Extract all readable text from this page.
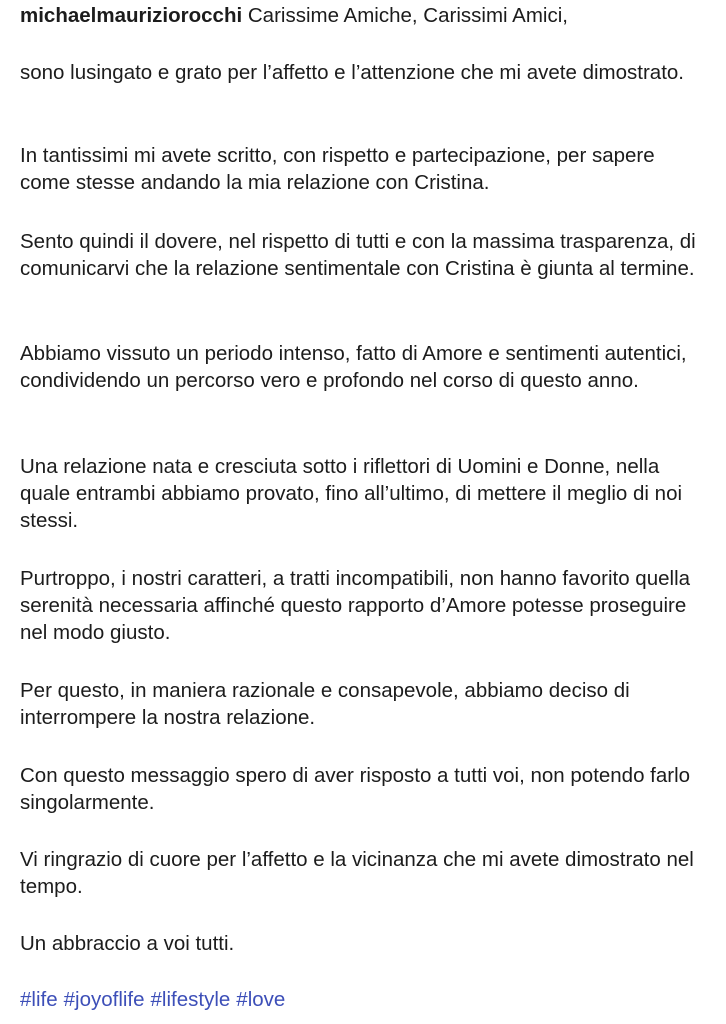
michaelmauriziorocchi Carissime Amiche, Carissimi Amici,

sono lusingato e grato per l’affetto e l’attenzione che mi avete dimostrato.

In tantissimi mi avete scritto, con rispetto e partecipazione, per sapere come stesse andando la mia relazione con Cristina.

Sento quindi il dovere, nel rispetto di tutti e con la massima trasparenza, di comunicarvi che la relazione sentimentale con Cristina è giunta al termine.

Abbiamo vissuto un periodo intenso, fatto di Amore e sentimenti autentici, condividendo un percorso vero e profondo nel corso di questo anno.

Una relazione nata e cresciuta sotto i riflettori di Uomini e Donne, nella quale entrambi abbiamo provato, fino all’ultimo, di mettere il meglio di noi stessi.

Purtroppo, i nostri caratteri, a tratti incompatibili, non hanno favorito quella serenità necessaria affinché questo rapporto d’Amore potesse proseguire nel modo giusto.

Per questo, in maniera razionale e consapevole, abbiamo deciso di interrompere la nostra relazione.

Con questo messaggio spero di aver risposto a tutti voi, non potendo farlo singolarmente.

Vi ringrazio di cuore per l’affetto e la vicinanza che mi avete dimostrato nel tempo.

Un abbraccio a voi tutti.

#life #joyoflife #lifestyle #love
